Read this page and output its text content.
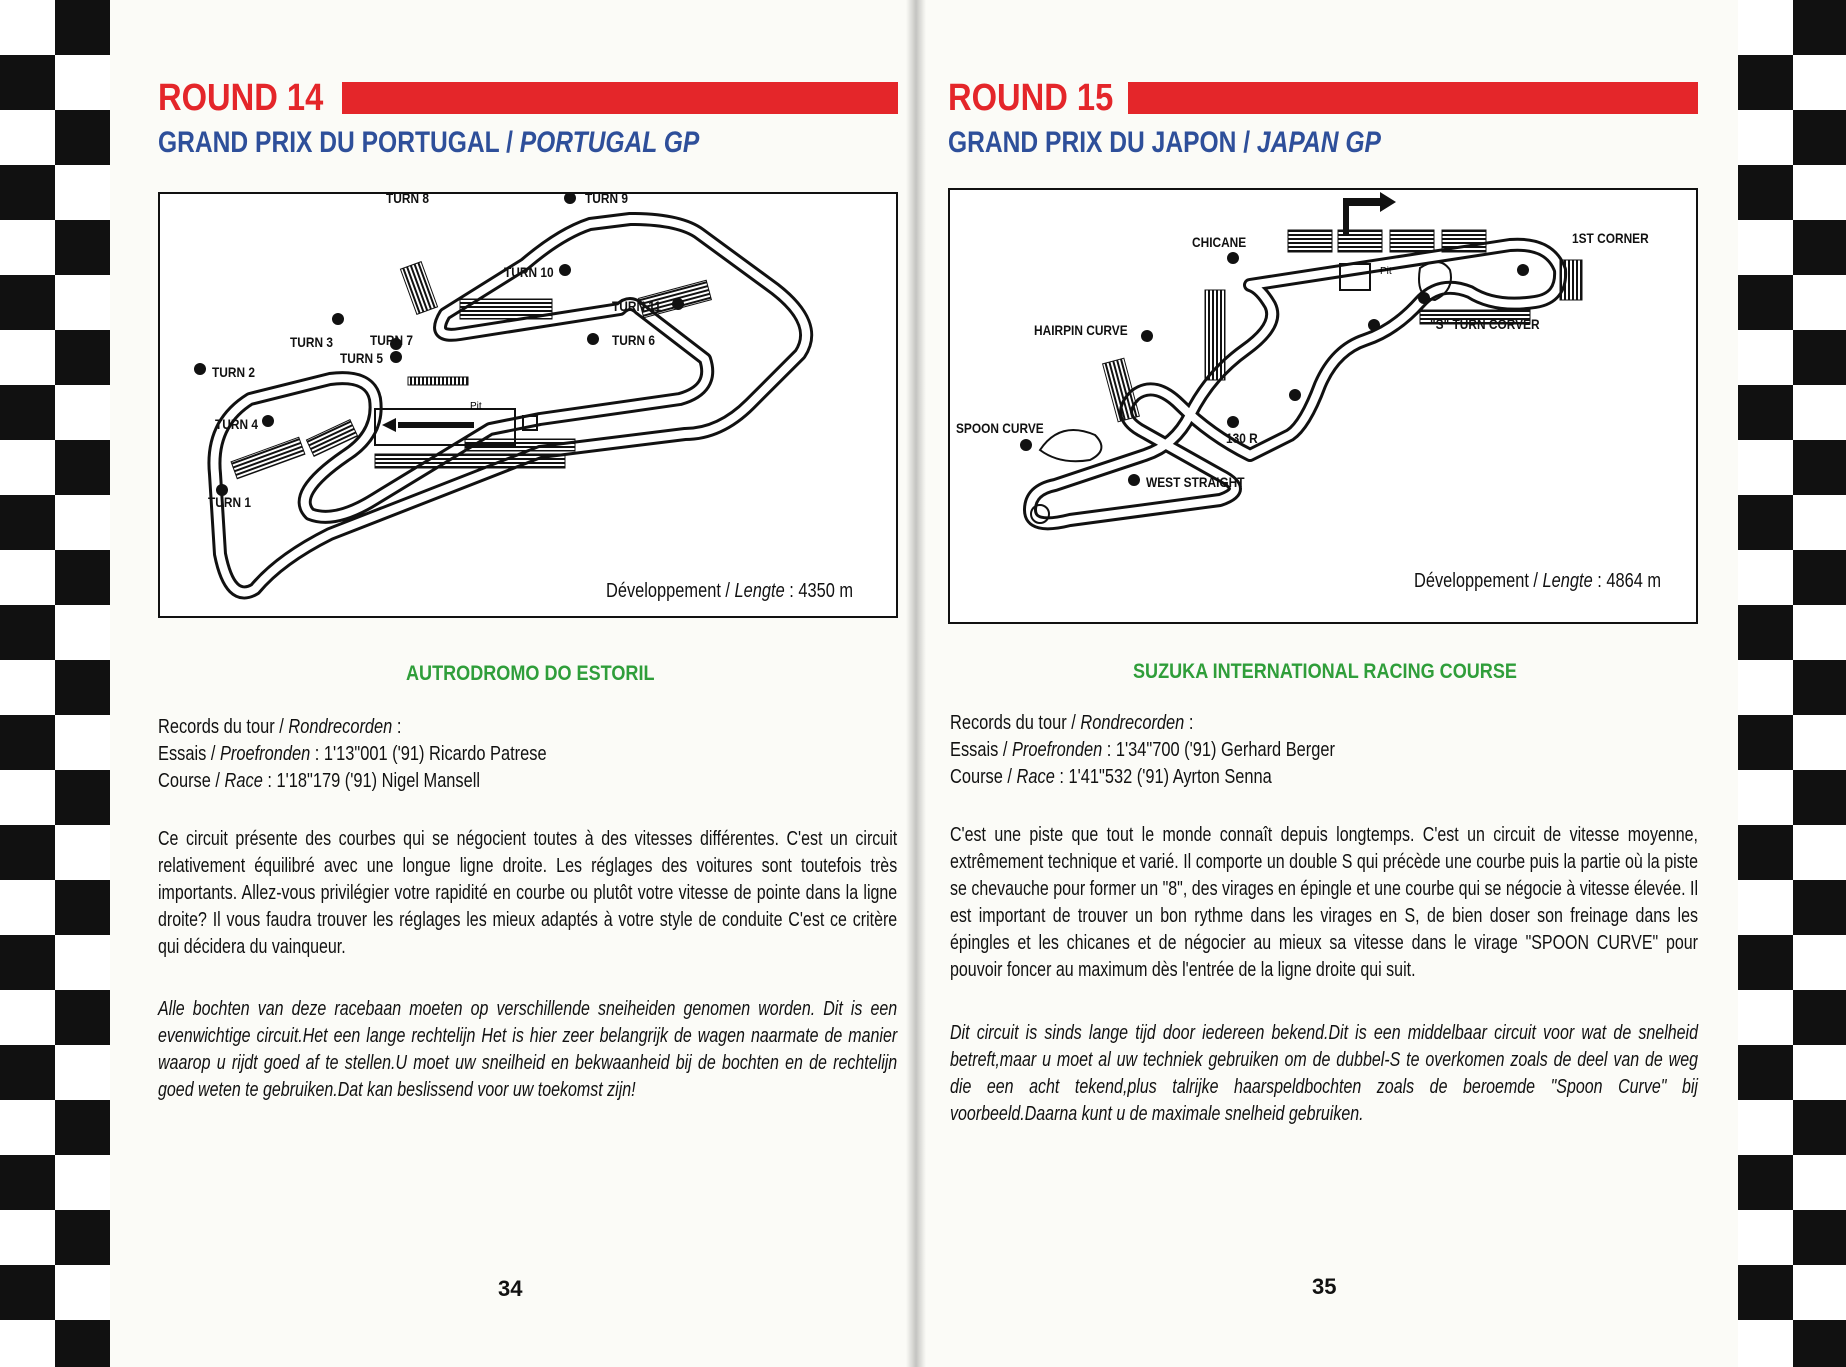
ROUND 14
GRAND PRIX DU PORTUGAL / PORTUGAL GP
Pit
TURN 1
TURN 2
TURN 3
TURN 4
TURN 5
TURN 6
TURN 7
TURN 8	TURN 9
TURN 10
TURN 11
Développement / Lengte : 4350 m
AUTRODROMO DO ESTORIL
Records du tour / Rondrecorden :
Essais / Proefronden : 1'13"001 ('91) Ricardo Patrese
Course / Race : 1'18"179 ('91) Nigel Mansell
Ce circuit présente des courbes qui se négocient toutes à des vitesses différentes. C'est un circuit relativement équilibré avec une longue ligne droite. Les réglages des voitures sont toutefois très importants. Allez-vous privilégier votre rapidité en courbe ou plutôt votre vitesse de pointe dans la ligne droite? Il vous faudra trouver les réglages les mieux adaptés à votre style de conduite C'est ce critère qui décidera du vainqueur.
Alle bochten van deze racebaan moeten op verschillende sneiheiden genomen worden. Dit is een evenwichtige circuit.Het een lange rechtelijn Het is hier zeer belangrijk de wagen naarmate de manier waarop u rijdt goed af te stellen.U moet uw sneilheid en bekwaanheid bij de bochten en de rechtelijn goed weten te gebruiken.Dat kan beslissend voor uw toekomst zijn!
34
ROUND 15
GRAND PRIX DU JAPON / JAPAN GP
Pit
CHICANE	1ST CORNER
"S" TURN CORVER
HAIRPIN CURVE
SPOON CURVE
WEST STRAIGHT
130 R
Développement / Lengte : 4864 m
SUZUKA INTERNATIONAL RACING COURSE
Records du tour / Rondrecorden :
Essais / Proefronden : 1'34"700 ('91) Gerhard Berger
Course / Race : 1'41"532 ('91) Ayrton Senna
C'est une piste que tout le monde connaît depuis longtemps. C'est un circuit de vitesse moyenne, extrêmement technique et varié. Il comporte un double S qui précède une courbe puis la partie où la piste se chevauche pour former un "8", des virages en épingle et une courbe qui se négocie à vitesse élevée. Il est important de trouver un bon rythme dans les virages en S, de bien doser son freinage dans les épingles et les chicanes et de négocier au mieux sa vitesse dans le virage "SPOON CURVE" pour pouvoir foncer au maximum dès l'entrée de la ligne droite qui suit.
Dit circuit is sinds lange tijd door iedereen bekend.Dit is een middelbaar circuit voor wat de snelheid betreft,maar u moet al uw techniek gebruiken om de dubbel-S te overkomen zoals de deel van de weg die een acht tekend,plus talrijke haarspeldbochten zoals de beroemde "Spoon Curve" bij voorbeeld.Daarna kunt u de maximale snelheid gebruiken.
35
